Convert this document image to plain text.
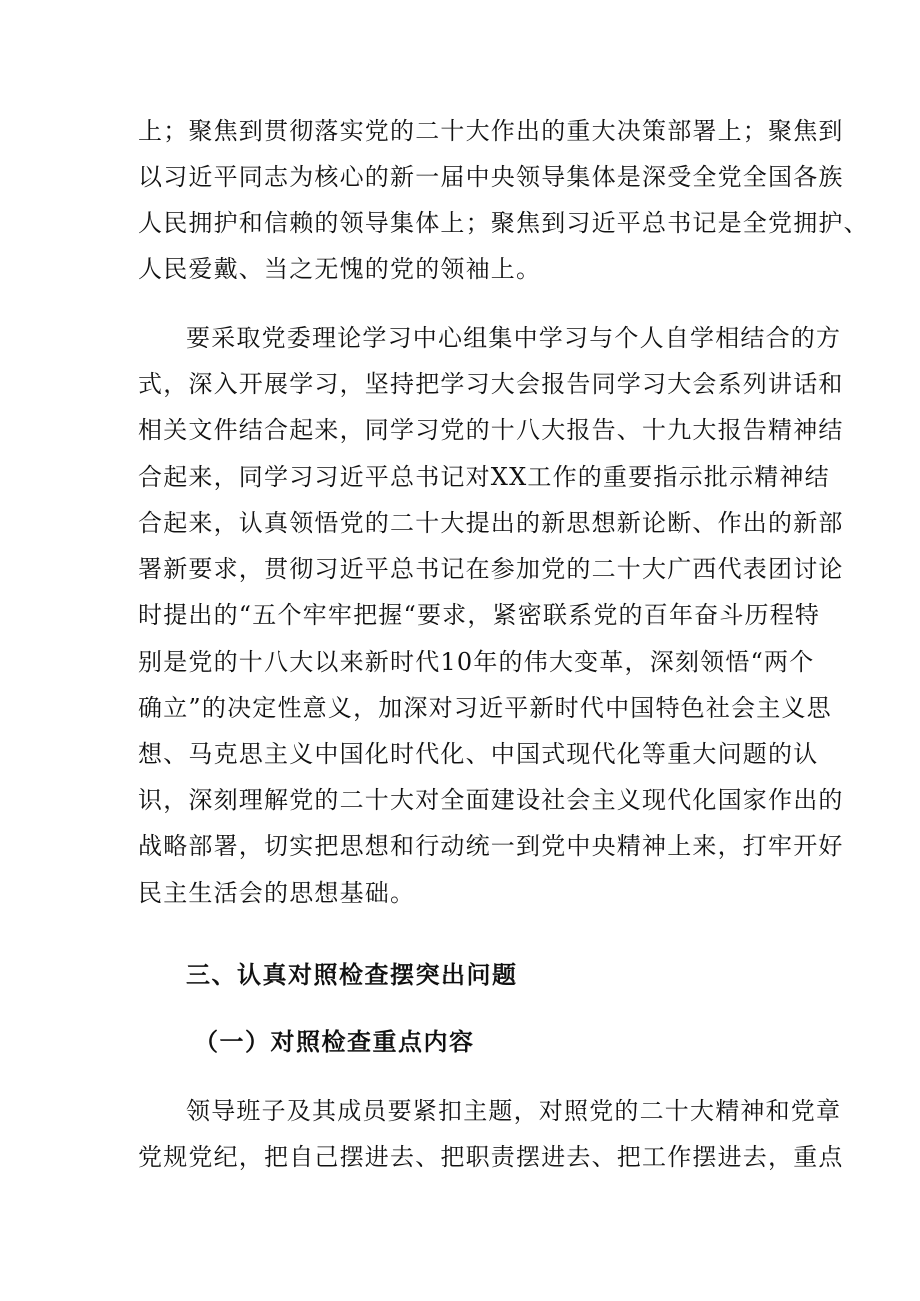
上；聚焦到贯彻落实党的二十大作出的重大决策部署上；聚焦到
以习近平同志为核心的新一届中央领导集体是深受全党全国各族
人民拥护和信赖的领导集体上；聚焦到习近平总书记是全党拥护、
人民爱戴、当之无愧的党的领袖上。
要采取党委理论学习中心组集中学习与个人自学相结合的方
式，深入开展学习，坚持把学习大会报告同学习大会系列讲话和
相关文件结合起来，同学习党的十八大报告、十九大报告精神结
合起来，同学习习近平总书记对XX工作的重要指示批示精神结
合起来，认真领悟党的二十大提出的新思想新论断、作出的新部
署新要求，贯彻习近平总书记在参加党的二十大广西代表团讨论
时提出的“五个牢牢把握“要求，紧密联系党的百年奋斗历程特
别是党的十八大以来新时代10年的伟大变革，深刻领悟“两个
确立”的决定性意义，加深对习近平新时代中国特色社会主义思
想、马克思主义中国化时代化、中国式现代化等重大问题的认
识，深刻理解党的二十大对全面建设社会主义现代化国家作出的
战略部署，切实把思想和行动统一到党中央精神上来，打牢开好
民主生活会的思想基础。
三、认真对照检查摆突出问题
（一）对照检查重点内容
领导班子及其成员要紧扣主题，对照党的二十大精神和党章
党规党纪，把自己摆进去、把职责摆进去、把工作摆进去，重点
